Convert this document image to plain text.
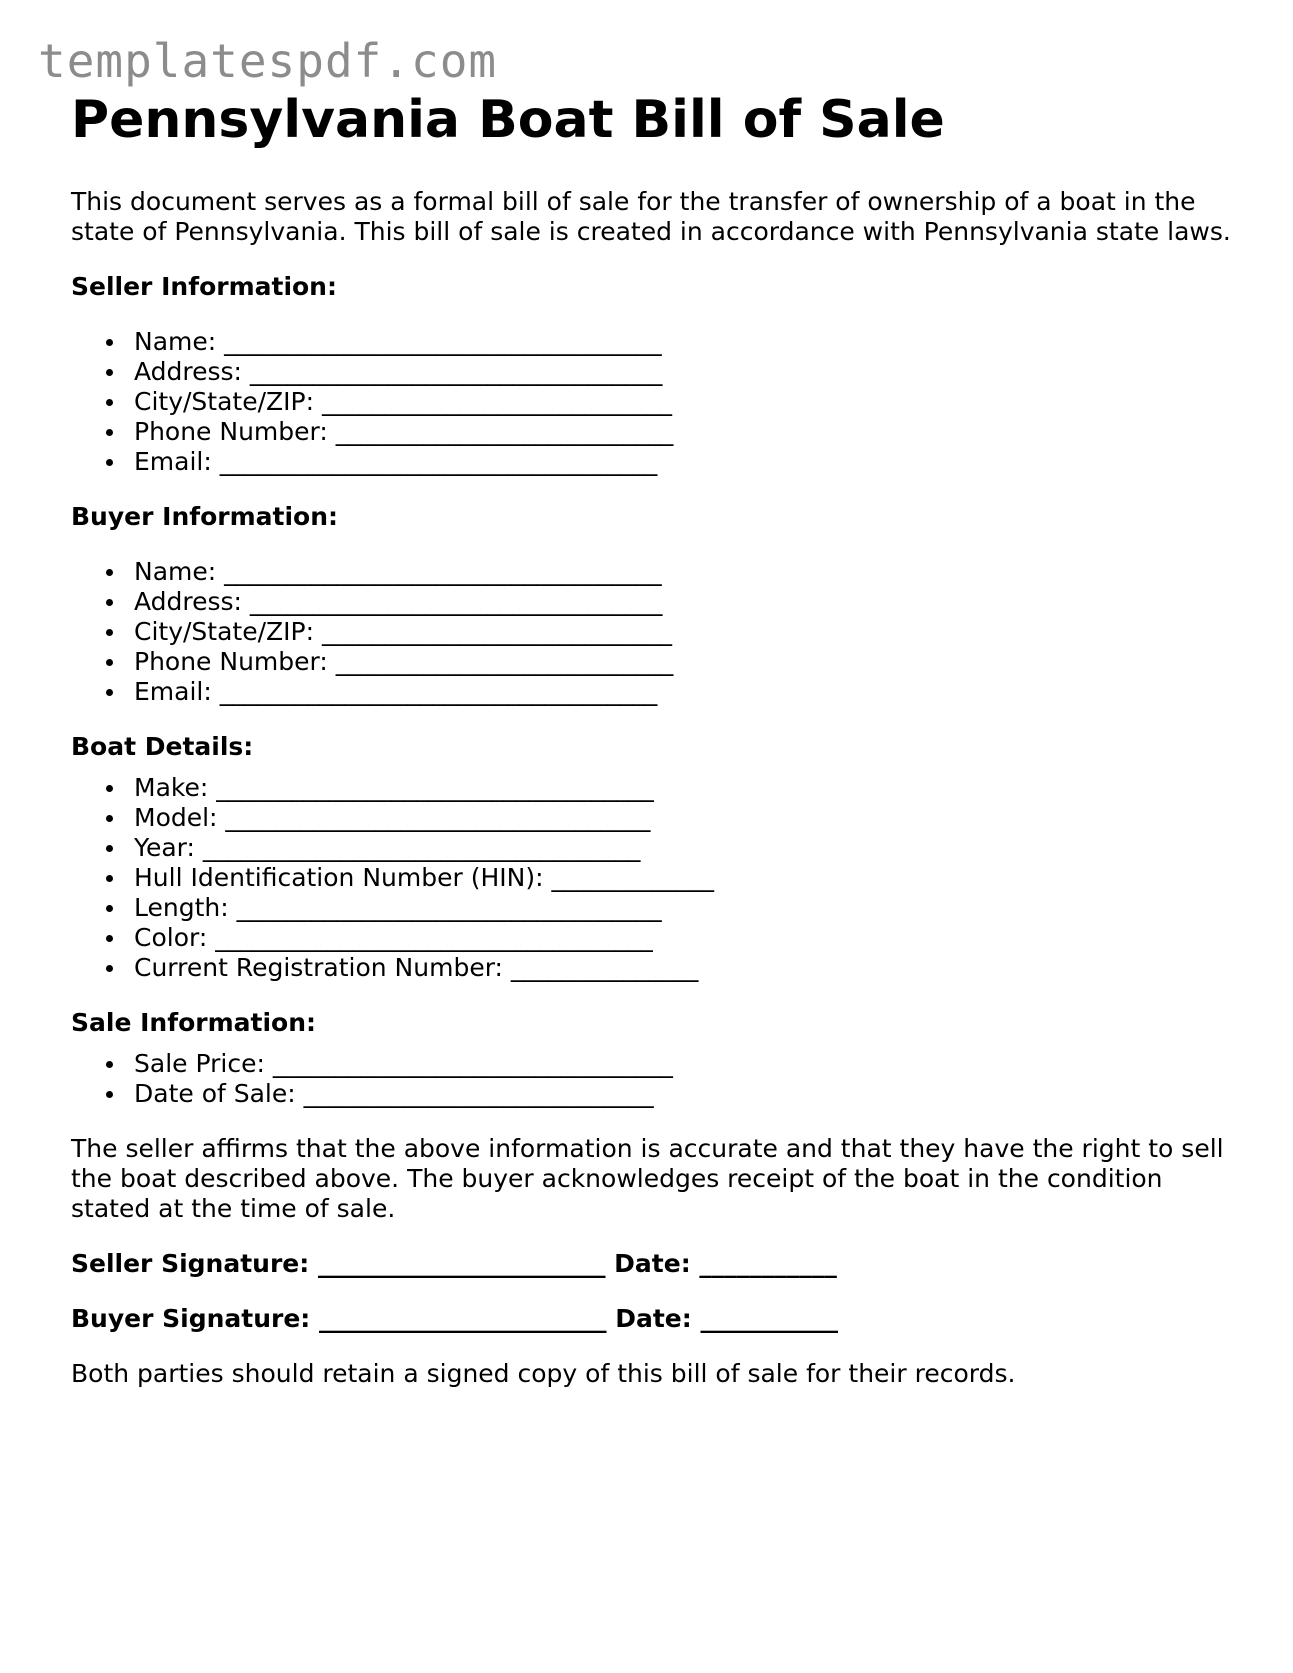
templatespdf.com
Pennsylvania Boat Bill of Sale

This document serves as a formal bill of sale for the transfer of ownership of a boat in the state of Pennsylvania. This bill of sale is created in accordance with Pennsylvania state laws.

Seller Information:
Name: ___________________________________
Address: _________________________________
City/State/ZIP: ____________________________
Phone Number: ___________________________
Email: ___________________________________
Buyer Information:
Name: ___________________________________
Address: _________________________________
City/State/ZIP: ____________________________
Phone Number: ___________________________
Email: ___________________________________
Boat Details:
Make: ___________________________________
Model: __________________________________
Year: ___________________________________
Hull Identification Number (HIN): _____________
Length: __________________________________
Color: ___________________________________
Current Registration Number: _______________
Sale Information:
Sale Price: ________________________________
Date of Sale: ____________________________

The seller affirms that the above information is accurate and that they have the right to sell the boat described above. The buyer acknowledges receipt of the boat in the condition stated at the time of sale.

Seller Signature: _______________________ Date: ___________
Buyer Signature: _______________________ Date: ___________

Both parties should retain a signed copy of this bill of sale for their records.
